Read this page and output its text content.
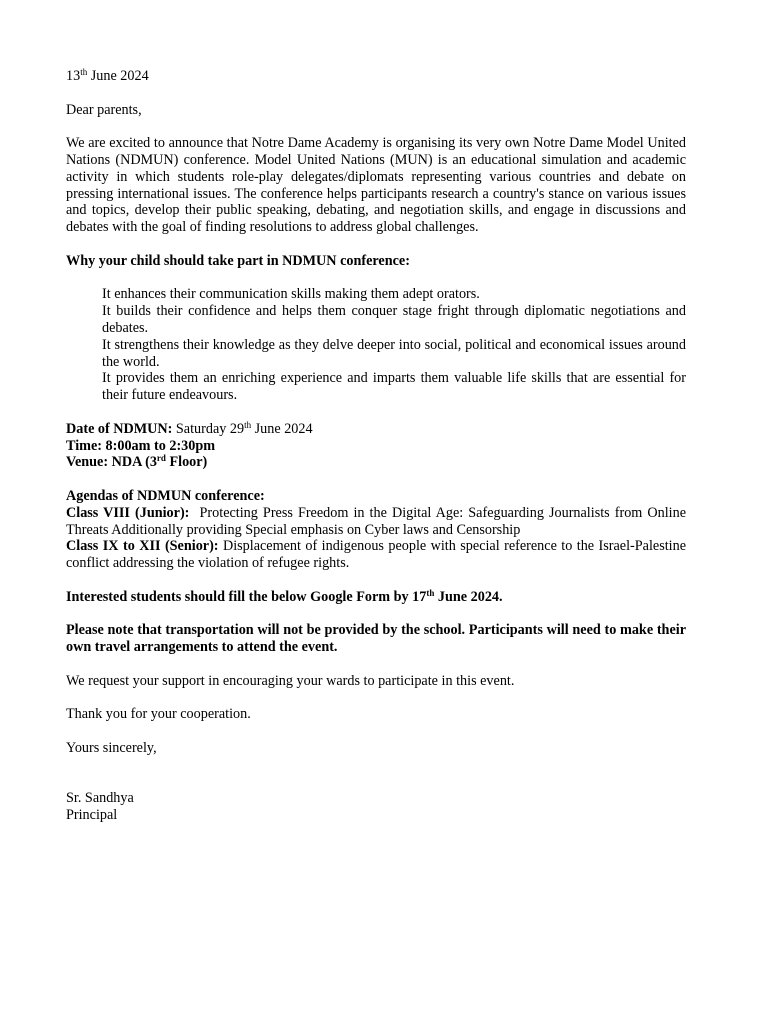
13th June 2024

Dear parents,

We are excited to announce that Notre Dame Academy is organising its very own Notre Dame Model United Nations (NDMUN) conference. Model United Nations (MUN) is an educational simulation and academic activity in which students role-play delegates/diplomats representing various countries and debate on pressing international issues. The conference helps participants research a country's stance on various issues and topics, develop their public speaking, debating, and negotiation skills, and engage in discussions and debates with the goal of finding resolutions to address global challenges.

Why your child should take part in NDMUN conference:

It enhances their communication skills making them adept orators.

It builds their confidence and helps them conquer stage fright through diplomatic negotiations and debates.

It strengthens their knowledge as they delve deeper into social, political and economical issues around the world.

It provides them an enriching experience and imparts them valuable life skills that are essential for their future endeavours.

Date of NDMUN: Saturday 29th June 2024

Time: 8:00am to 2:30pm

Venue: NDA (3rd Floor)

Agendas of NDMUN conference:

Class VIII (Junior):  Protecting Press Freedom in the Digital Age: Safeguarding Journalists from Online Threats Additionally providing Special emphasis on Cyber laws and Censorship

Class IX to XII (Senior): Displacement of indigenous people with special reference to the Israel-Palestine conflict addressing the violation of refugee rights.

Interested students should fill the below Google Form by 17th June 2024.

Please note that transportation will not be provided by the school. Participants will need to make their own travel arrangements to attend the event.

We request your support in encouraging your wards to participate in this event.

Thank you for your cooperation.

Yours sincerely,

Sr. Sandhya

Principal
